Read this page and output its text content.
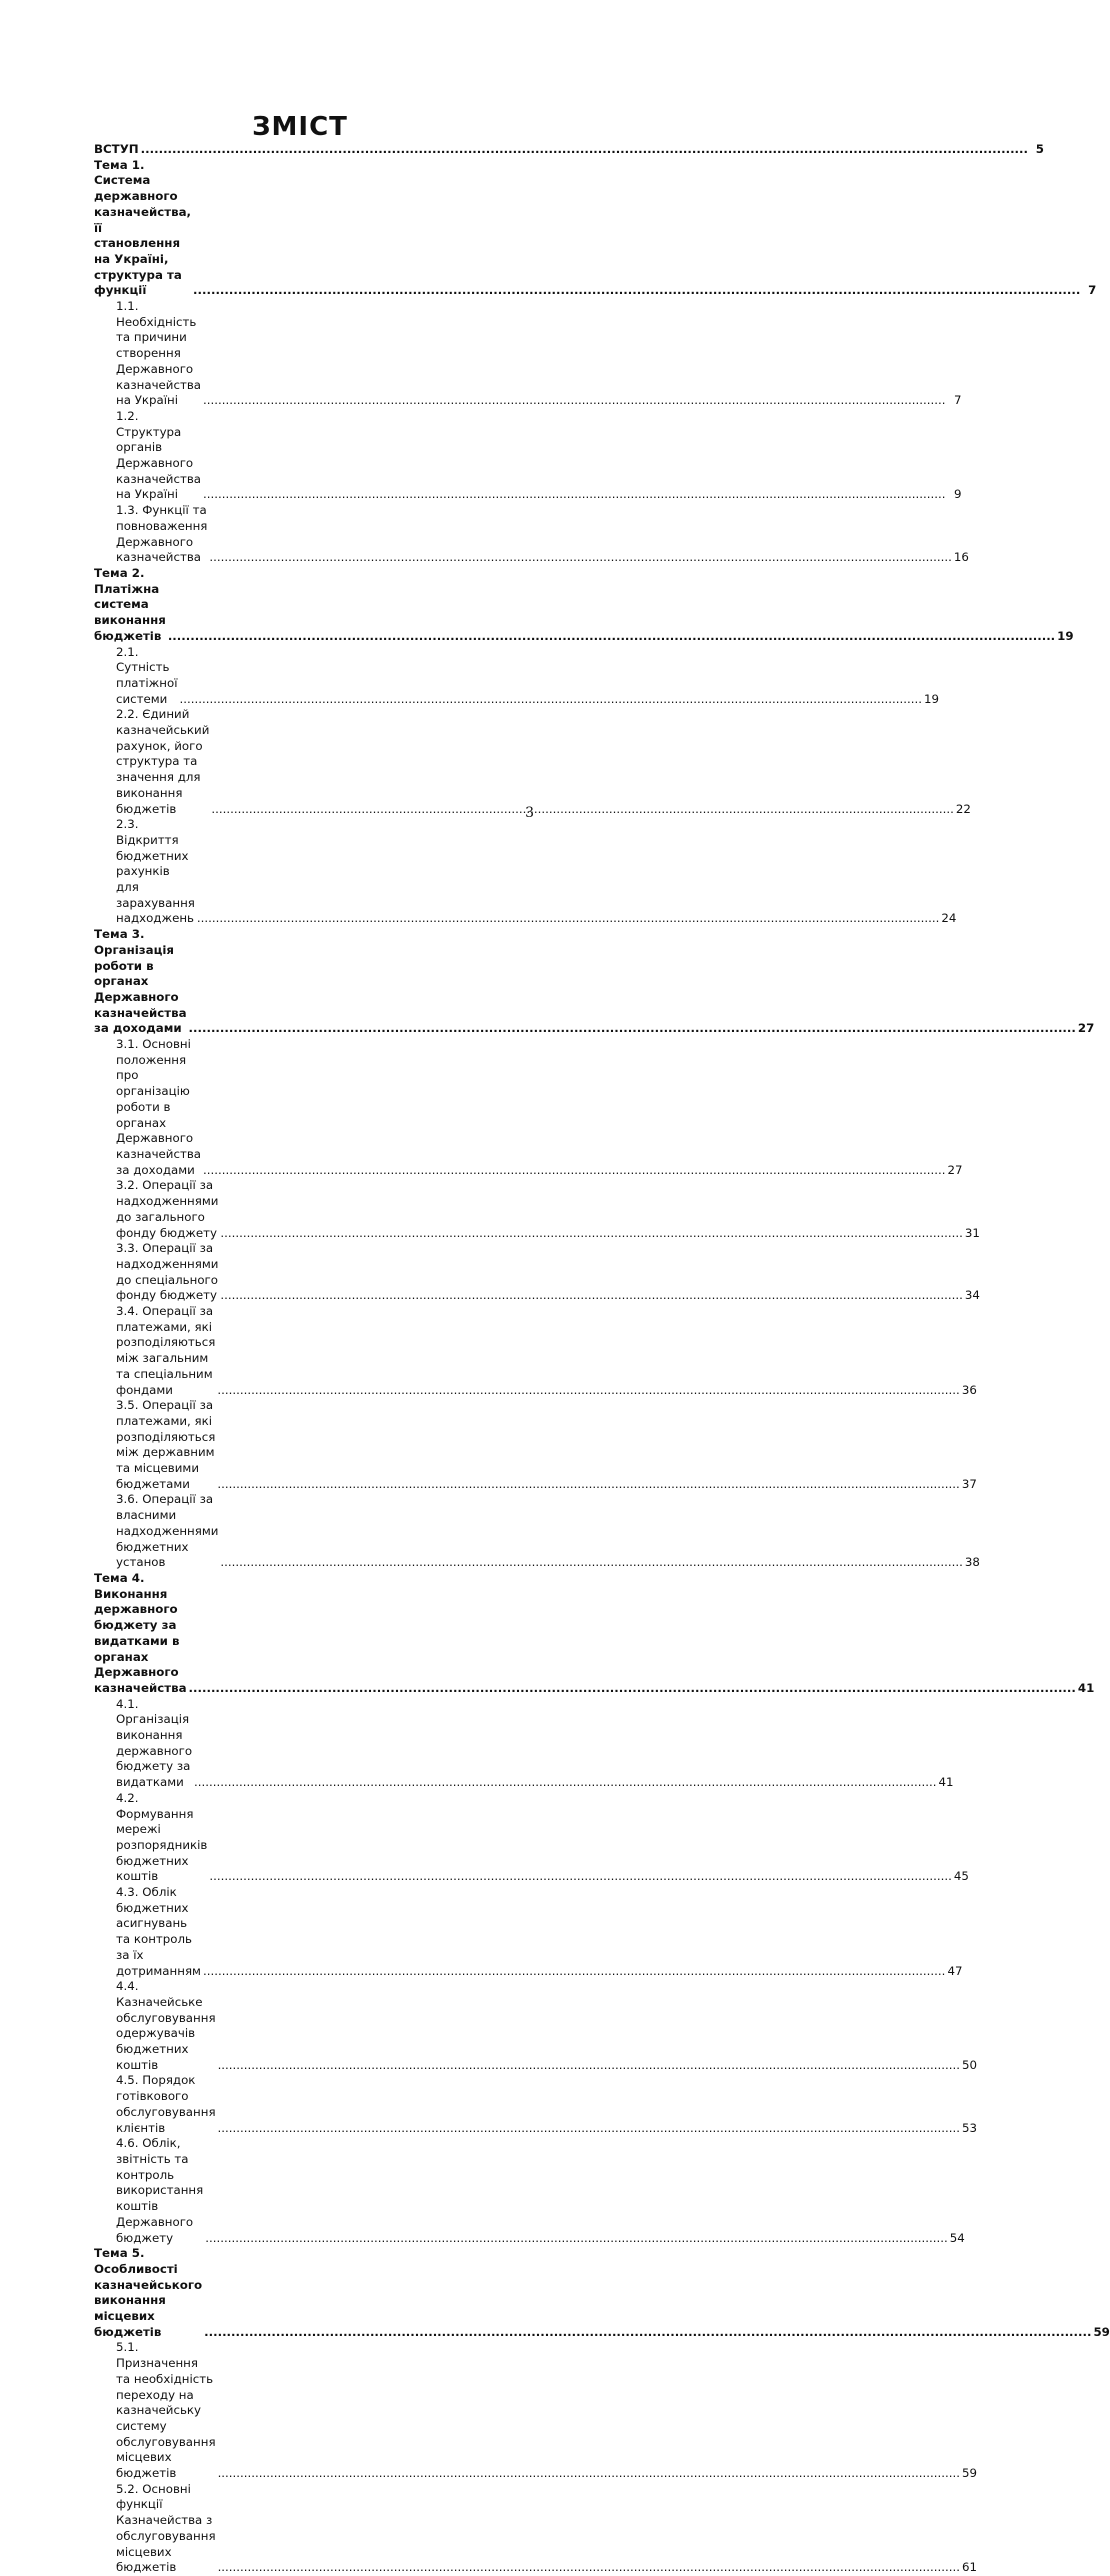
ЗМІСТ
ВСТУП .....	5
Тема 1. Система державного казначейства, її становлення на Україні, структура та функції .....	7
1.1. Необхідність та причини створення Державного казначейства на Україні .....	7
1.2. Структура органів Державного казначейства на Україні .....	9
1.3. Функції та повноваження Державного казначейства .....	16
Тема 2. Платіжна система виконання бюджетів .....	19
2.1. Сутність платіжної системи .....	19
2.2. Єдиний казначейський рахунок, його структура та значення для виконання бюджетів .....	22
2.3. Відкриття бюджетних рахунків для зарахування надходжень .....	24
Тема 3. Організація роботи в органах Державного казначейства за доходами .....	27
3.1. Основні положення про організацію роботи в органах Державного казначейства за доходами .....	27
3.2. Операції за надходженнями до загального фонду бюджету .....	31
3.3. Операції за надходженнями до спеціального фонду бюджету .....	34
3.4. Операції за платежами, які розподіляються між загальним та спеціальним фондами .....	36
3.5. Операції за платежами, які розподіляються між державним та місцевими бюджетами .....	37
3.6. Операції за власними надходженнями бюджетних установ .....	38
Тема 4. Виконання державного бюджету за видатками в органах Державного казначейства .....	41
4.1. Організація виконання державного бюджету за видатками .....	41
4.2. Формування мережі розпорядників бюджетних коштів .....	45
4.3. Облік бюджетних асигнувань та контроль за їх дотриманням .....	47
4.4. Казначейське обслуговування одержувачів бюджетних коштів .....	50
4.5. Порядок готівкового обслуговування клієнтів .....	53
4.6. Облік, звітність та контроль використання коштів Державного бюджету .....	54
Тема 5. Особливості казначейського виконання місцевих бюджетів .....	59
5.1. Призначення та необхідність переходу на казначейську систему обслуговування місцевих бюджетів .....	59
5.2. Основні функції Казначейства з обслуговування місцевих бюджетів .....	61
3
